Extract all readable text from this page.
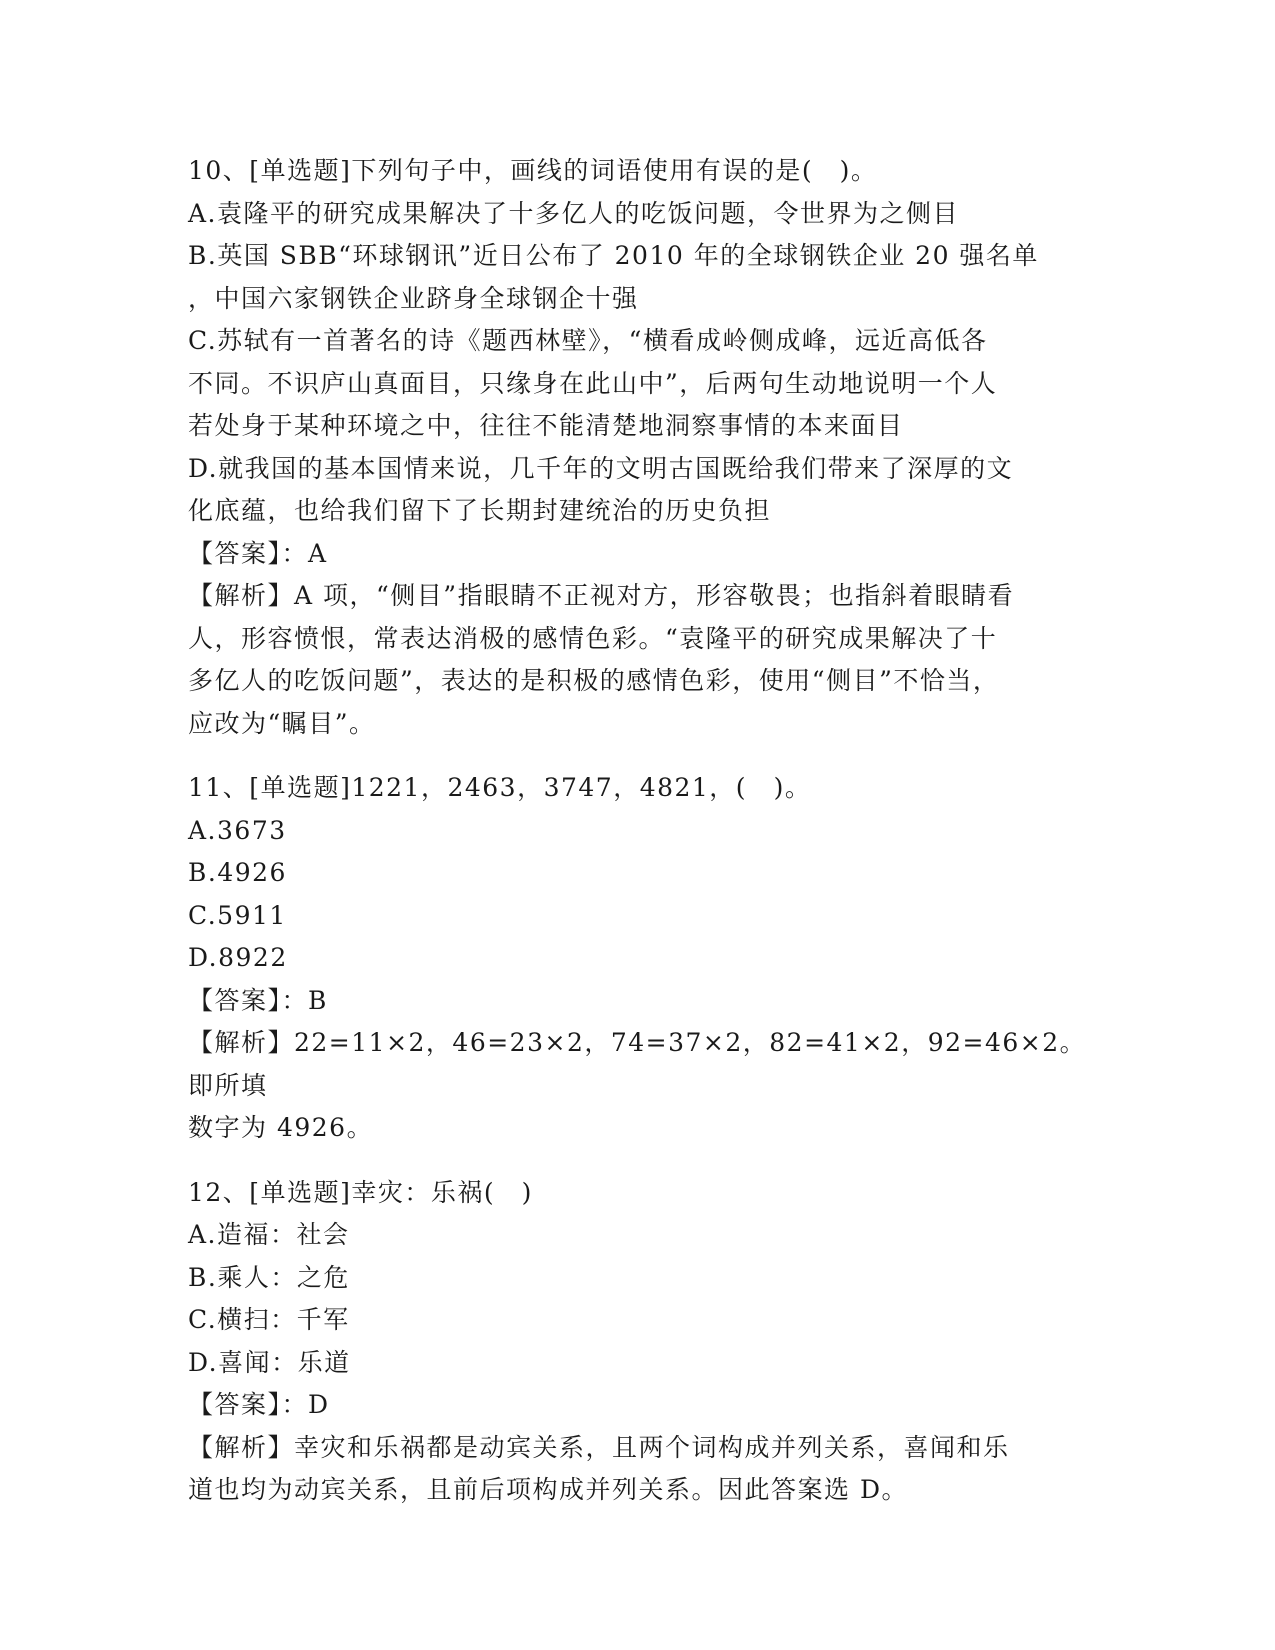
10、[单选题]下列句子中，画线的词语使用有误的是(　)。

A.袁隆平的研究成果解决了十多亿人的吃饭问题，令世界为之侧目

B.英国 SBB“环球钢讯”近日公布了 2010 年的全球钢铁企业 20 强名单

，中国六家钢铁企业跻身全球钢企十强

C.苏轼有一首著名的诗《题西林壁》，“横看成岭侧成峰，远近高低各

不同。不识庐山真面目，只缘身在此山中”，后两句生动地说明一个人

若处身于某种环境之中，往往不能清楚地洞察事情的本来面目

D.就我国的基本国情来说，几千年的文明古国既给我们带来了深厚的文

化底蕴，也给我们留下了长期封建统治的历史负担

【答案】：A

【解析】A 项，“侧目”指眼睛不正视对方，形容敬畏；也指斜着眼睛看

人，形容愤恨，常表达消极的感情色彩。“袁隆平的研究成果解决了十

多亿人的吃饭问题”，表达的是积极的感情色彩，使用“侧目”不恰当，

应改为“瞩目”。

11、[单选题]1221，2463，3747，4821，(　)。

A.3673

B.4926

C.5911

D.8922

【答案】：B

【解析】22=11×2，46=23×2，74=37×2，82=41×2，92=46×2。即所填

数字为 4926。

12、[单选题]幸灾：乐祸(　)

A.造福：社会

B.乘人：之危

C.横扫：千军

D.喜闻：乐道

【答案】：D

【解析】幸灾和乐祸都是动宾关系，且两个词构成并列关系，喜闻和乐

道也均为动宾关系，且前后项构成并列关系。因此答案选 D。
